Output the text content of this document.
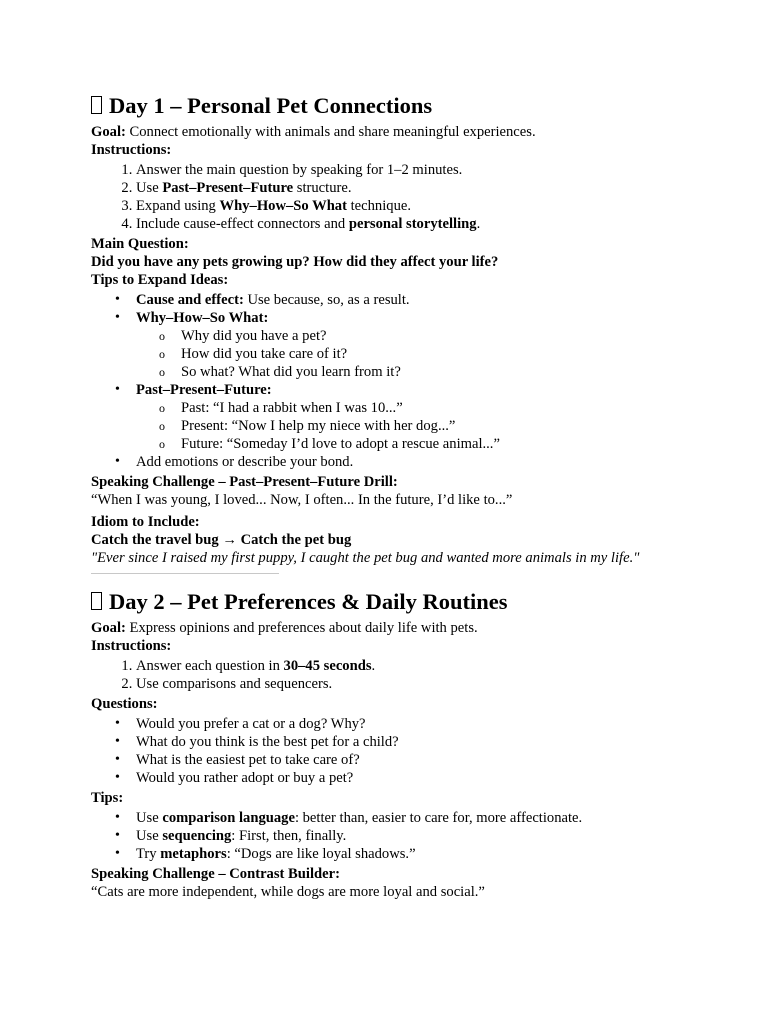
Day 1 – Personal Pet Connections

Goal: Connect emotionally with animals and share meaningful experiences.

Instructions:

1. Answer the main question by speaking for 1–2 minutes.
2. Use Past–Present–Future structure.
3. Expand using Why–How–So What technique.
4. Include cause-effect connectors and personal storytelling.

Main Question:

Did you have any pets growing up? How did they affect your life?

Tips to Expand Ideas:

• Cause and effect: Use because, so, as a result.
• Why–How–So What:
o Why did you have a pet?
o How did you take care of it?
o So what? What did you learn from it?
• Past–Present–Future:
o Past: “I had a rabbit when I was 10...”
o Present: “Now I help my niece with her dog...”
o Future: “Someday I’d love to adopt a rescue animal...”
• Add emotions or describe your bond.

Speaking Challenge – Past–Present–Future Drill:

“When I was young, I loved... Now, I often... In the future, I’d like to...”

Idiom to Include:

Catch the travel bug → Catch the pet bug

"Ever since I raised my first puppy, I caught the pet bug and wanted more animals in my life."

Day 2 – Pet Preferences & Daily Routines

Goal: Express opinions and preferences about daily life with pets.

Instructions:

1. Answer each question in 30–45 seconds.
2. Use comparisons and sequencers.

Questions:

• Would you prefer a cat or a dog? Why?
• What do you think is the best pet for a child?
• What is the easiest pet to take care of?
• Would you rather adopt or buy a pet?

Tips:

• Use comparison language: better than, easier to care for, more affectionate.
• Use sequencing: First, then, finally.
• Try metaphors: “Dogs are like loyal shadows.”

Speaking Challenge – Contrast Builder:

“Cats are more independent, while dogs are more loyal and social.”
